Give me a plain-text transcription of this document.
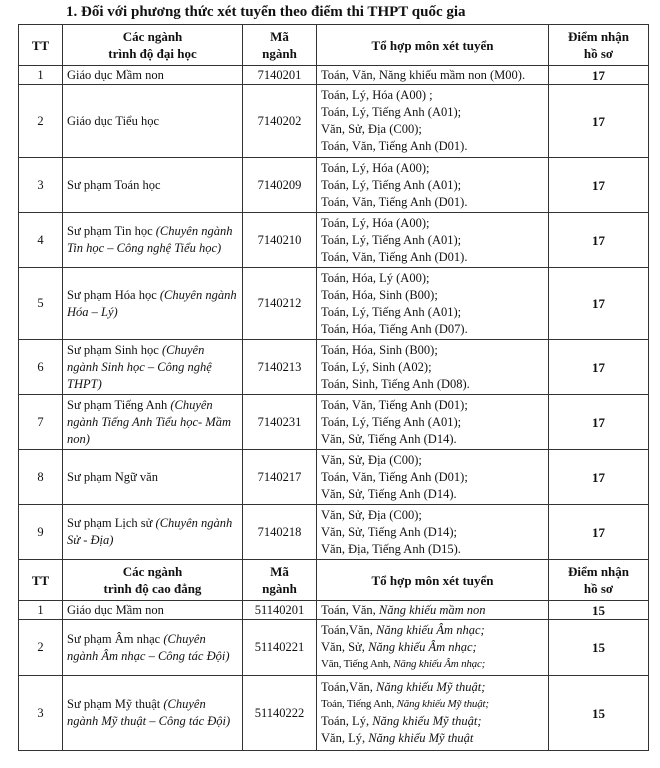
1. Đối với phương thức xét tuyển theo điểm thi THPT quốc gia
TT	Các ngành
trình độ đại học	Mã
ngành	Tổ hợp môn xét tuyển	Điểm nhận
hồ sơ

1	Giáo dục Mầm non	7140201	Toán, Văn, Năng khiếu mầm non (M00).	17
2	Giáo dục Tiểu học	7140202	Toán, Lý, Hóa (A00) ;
Toán, Lý, Tiếng Anh (A01);
Văn, Sử, Địa (C00);
Toán, Văn, Tiếng Anh (D01).	17
3	Sư phạm Toán học	7140209	Toán, Lý, Hóa (A00);
Toán, Lý, Tiếng Anh (A01);
Toán, Văn, Tiếng Anh (D01).	17
4	Sư phạm Tin học (Chuyên ngành Tin học – Công nghệ Tiểu học)	7140210	Toán, Lý, Hóa (A00);
Toán, Lý, Tiếng Anh (A01);
Toán, Văn, Tiếng Anh (D01).	17
5	Sư phạm Hóa học (Chuyên ngành Hóa – Lý)	7140212	Toán, Hóa, Lý (A00);
Toán, Hóa, Sinh (B00);
Toán, Lý, Tiếng Anh (A01);
Toán, Hóa, Tiếng Anh (D07).	17
6	Sư phạm Sinh học (Chuyên ngành Sinh học – Công nghệ THPT)	7140213	Toán, Hóa, Sinh (B00);
Toán, Lý, Sinh (A02);
Toán, Sinh, Tiếng Anh (D08).	17
7	Sư phạm Tiếng Anh (Chuyên ngành Tiếng Anh Tiểu học- Mầm non)	7140231	Toán, Văn, Tiếng Anh (D01);
Toán, Lý, Tiếng Anh (A01);
Văn, Sử, Tiếng Anh (D14).	17
8	Sư phạm Ngữ văn	7140217	Văn, Sử, Địa (C00);
Toán, Văn, Tiếng Anh (D01);
Văn, Sử, Tiếng Anh (D14).	17
9	Sư phạm Lịch sử (Chuyên ngành Sử - Địa)	7140218	Văn, Sử, Địa (C00);
Văn, Sử, Tiếng Anh (D14);
Văn, Địa, Tiếng Anh (D15).	17

TT	Các ngành
trình độ cao đẳng	Mã
ngành	Tổ hợp môn xét tuyển	Điểm nhận
hồ sơ

1	Giáo dục Mầm non	51140201	Toán, Văn, Năng khiếu mầm non	15
2	Sư phạm Âm nhạc (Chuyên ngành Âm nhạc – Công tác Đội)	51140221	Toán,Văn, Năng khiếu Âm nhạc;
Văn, Sử, Năng khiếu Âm nhạc;
Văn, Tiếng Anh, Năng khiếu Âm nhạc;	15
3	Sư phạm Mỹ thuật (Chuyên ngành Mỹ thuật – Công tác Đội)	51140222	Toán,Văn, Năng khiếu Mỹ thuật;
Toán, Tiếng Anh, Năng khiếu Mỹ thuật;
Toán, Lý, Năng khiếu Mỹ thuật;
Văn, Lý, Năng khiếu Mỹ thuật	15
